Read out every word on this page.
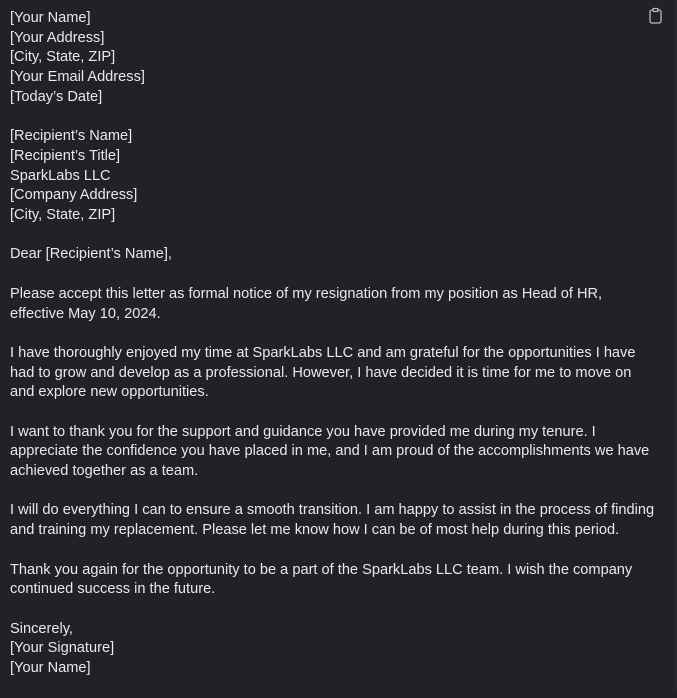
[Your Name]
[Your Address]
[City, State, ZIP]
[Your Email Address]
[Today’s Date]
[Recipient’s Name]
[Recipient’s Title]
SparkLabs LLC
[Company Address]
[City, State, ZIP]
Dear [Recipient’s Name],
Please accept this letter as formal notice of my resignation from my position as Head of HR,
effective May 10, 2024.
I have thoroughly enjoyed my time at SparkLabs LLC and am grateful for the opportunities I have
had to grow and develop as a professional. However, I have decided it is time for me to move on
and explore new opportunities.
I want to thank you for the support and guidance you have provided me during my tenure. I
appreciate the confidence you have placed in me, and I am proud of the accomplishments we have
achieved together as a team.
I will do everything I can to ensure a smooth transition. I am happy to assist in the process of finding
and training my replacement. Please let me know how I can be of most help during this period.
Thank you again for the opportunity to be a part of the SparkLabs LLC team. I wish the company
continued success in the future.
Sincerely,
[Your Signature]
[Your Name]
